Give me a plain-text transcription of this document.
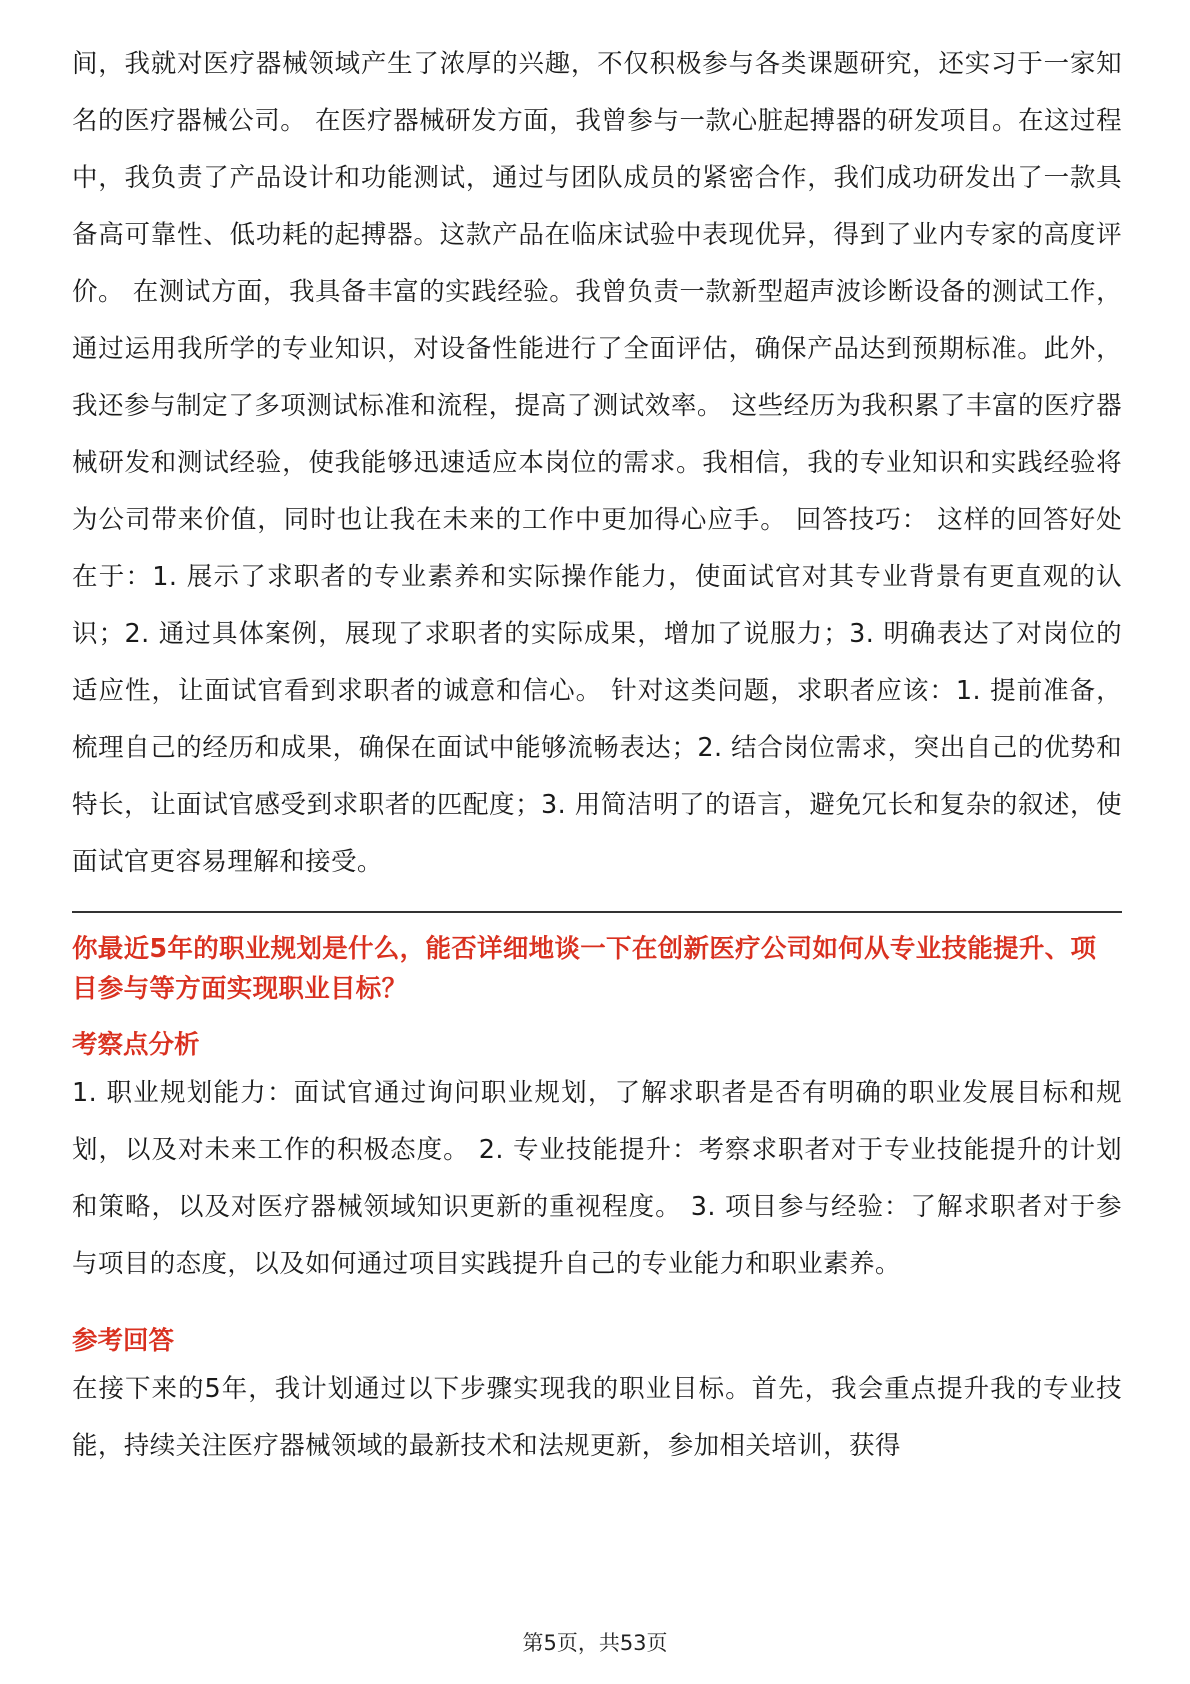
间，我就对医疗器械领域产生了浓厚的兴趣，不仅积极参与各类课题研究，还实习于一家知名的医疗器械公司。 在医疗器械研发方面，我曾参与一款心脏起搏器的研发项目。在这过程中，我负责了产品设计和功能测试，通过与团队成员的紧密合作，我们成功研发出了一款具备高可靠性、低功耗的起搏器。这款产品在临床试验中表现优异，得到了业内专家的高度评价。 在测试方面，我具备丰富的实践经验。我曾负责一款新型超声波诊断设备的测试工作，通过运用我所学的专业知识，对设备性能进行了全面评估，确保产品达到预期标准。此外，我还参与制定了多项测试标准和流程，提高了测试效率。 这些经历为我积累了丰富的医疗器械研发和测试经验，使我能够迅速适应本岗位的需求。我相信，我的专业知识和实践经验将为公司带来价值，同时也让我在未来的工作中更加得心应手。 回答技巧： 这样的回答好处在于：1. 展示了求职者的专业素养和实际操作能力，使面试官对其专业背景有更直观的认识；2. 通过具体案例，展现了求职者的实际成果，增加了说服力；3. 明确表达了对岗位的适应性，让面试官看到求职者的诚意和信心。 针对这类问题，求职者应该：1. 提前准备，梳理自己的经历和成果，确保在面试中能够流畅表达；2. 结合岗位需求，突出自己的优势和特长，让面试官感受到求职者的匹配度；3. 用简洁明了的语言，避免冗长和复杂的叙述，使面试官更容易理解和接受。

你最近5年的职业规划是什么，能否详细地谈一下在创新医疗公司如何从专业技能提升、项目参与等方面实现职业目标？

考察点分析

1. 职业规划能力：面试官通过询问职业规划，了解求职者是否有明确的职业发展目标和规划，以及对未来工作的积极态度。 2. 专业技能提升：考察求职者对于专业技能提升的计划和策略，以及对医疗器械领域知识更新的重视程度。 3. 项目参与经验：了解求职者对于参与项目的态度，以及如何通过项目实践提升自己的专业能力和职业素养。

参考回答

在接下来的5年，我计划通过以下步骤实现我的职业目标。首先，我会重点提升我的专业技能，持续关注医疗器械领域的最新技术和法规更新，参加相关培训，获得

第5页，共53页
